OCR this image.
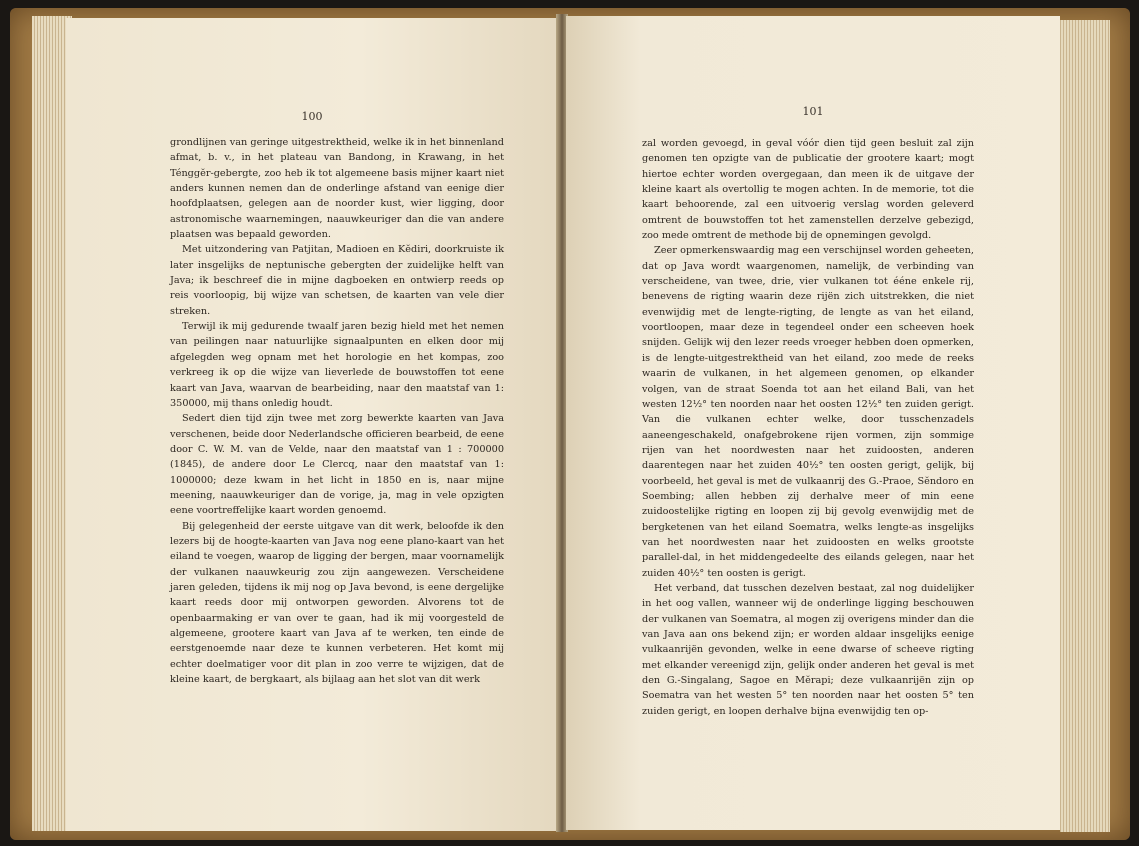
100

grondlijnen van geringe uitgestrektheid, welke ik in het binnenland afmat, b. v., in het plateau van Bandong, in Krawang, in het Ténggĕr-gebergte, zoo heb ik tot algemeene basis mijner kaart niet anders kunnen nemen dan de onderlinge afstand van eenige dier hoofdplaatsen, gelegen aan de noorder kust, wier ligging, door astronomische waarnemingen, naauwkeuriger dan die van andere plaatsen was bepaald geworden.

Met uitzondering van Patjitan, Madioen en Kĕdiri, doorkruiste ik later insgelijks de neptunische gebergten der zuidelijke helft van Java; ik beschreef die in mijne dagboeken en ontwierp reeds op reis voorloopig, bij wijze van schetsen, de kaarten van vele dier streken.

Terwijl ik mij gedurende twaalf jaren bezig hield met het nemen van peilingen naar natuurlijke signaalpunten en elken door mij afgelegden weg opnam met het horologie en het kompas, zoo verkreeg ik op die wijze van lieverlede de bouwstoffen tot eene kaart van Java, waarvan de bearbeiding, naar den maatstaf van 1: 350000, mij thans onledig houdt.

Sedert dien tijd zijn twee met zorg bewerkte kaarten van Java verschenen, beide door Nederlandsche officieren bearbeid, de eene door C. W. M. van de Velde, naar den maatstaf van 1 : 700000 (1845), de andere door Le Clercq, naar den maatstaf van 1: 1000000; deze kwam in het licht in 1850 en is, naar mijne meening, naauwkeuriger dan de vorige, ja, mag in vele opzigten eene voortreffelijke kaart worden genoemd.

Bij gelegenheid der eerste uitgave van dit werk, beloofde ik den lezers bij de hoogte-kaarten van Java nog eene plano-kaart van het eiland te voegen, waarop de ligging der bergen, maar voornamelijk der vulkanen naauwkeurig zou zijn aangewezen. Verscheidene jaren geleden, tijdens ik mij nog op Java bevond, is eene dergelijke kaart reeds door mij ontworpen geworden. Alvorens tot de openbaarmaking er van over te gaan, had ik mij voorgesteld de algemeene, grootere kaart van Java af te werken, ten einde de eerstgenoemde naar deze te kunnen verbeteren. Het komt mij echter doelmatiger voor dit plan in zoo verre te wijzigen, dat de kleine kaart, de bergkaart, als bijlaag aan het slot van dit werk

101

zal worden gevoegd, in geval vóór dien tijd geen besluit zal zijn genomen ten opzigte van de publicatie der grootere kaart; mogt hiertoe echter worden overgegaan, dan meen ik de uitgave der kleine kaart als overtollig te mogen achten. In de memorie, tot die kaart behoorende, zal een uitvoerig verslag worden geleverd omtrent de bouwstoffen tot het zamenstellen derzelve gebezigd, zoo mede omtrent de methode bij de opnemingen gevolgd.

Zeer opmerkenswaardig mag een verschijnsel worden geheeten, dat op Java wordt waargenomen, namelijk, de verbinding van verscheidene, van twee, drie, vier vulkanen tot ééne enkele rij, benevens de rigting waarin deze rijën zich uitstrekken, die niet evenwijdig met de lengte-rigting, de lengte as van het eiland, voortloopen, maar deze in tegendeel onder een scheeven hoek snijden. Gelijk wij den lezer reeds vroeger hebben doen opmerken, is de lengte-uitgestrektheid van het eiland, zoo mede de reeks waarin de vulkanen, in het algemeen genomen, op elkander volgen, van de straat Soenda tot aan het eiland Bali, van het westen 12½° ten noorden naar het oosten 12½° ten zuiden gerigt. Van die vulkanen echter welke, door tusschenzadels aaneengeschakeld, onafgebrokene rijen vormen, zijn sommige rijen van het noordwesten naar het zuidoosten, anderen daarentegen naar het zuiden 40½° ten oosten gerigt, gelijk, bij voorbeeld, het geval is met de vulkaanrij des G.-Praoe, Sĕndoro en Soembing; allen hebben zij derhalve meer of min eene zuidoostelijke rigting en loopen zij bij gevolg evenwijdig met de bergketenen van het eiland Soematra, welks lengte-as insgelijks van het noordwesten naar het zuidoosten en welks grootste parallel-dal, in het middengedeelte des eilands gelegen, naar het zuiden 40½° ten oosten is gerigt.

Het verband, dat tusschen dezelven bestaat, zal nog duidelijker in het oog vallen, wanneer wij de onderlinge ligging beschouwen der vulkanen van Soematra, al mogen zij overigens minder dan die van Java aan ons bekend zijn; er worden aldaar insgelijks eenige vulkaanrijën gevonden, welke in eene dwarse of scheeve rigting met elkander vereenigd zijn, gelijk onder anderen het geval is met den G.-Singalang, Sagoe en Mĕrapi; deze vulkaanrijën zijn op Soematra van het westen 5° ten noorden naar het oosten 5° ten zuiden gerigt, en loopen derhalve bijna evenwijdig ten op-
